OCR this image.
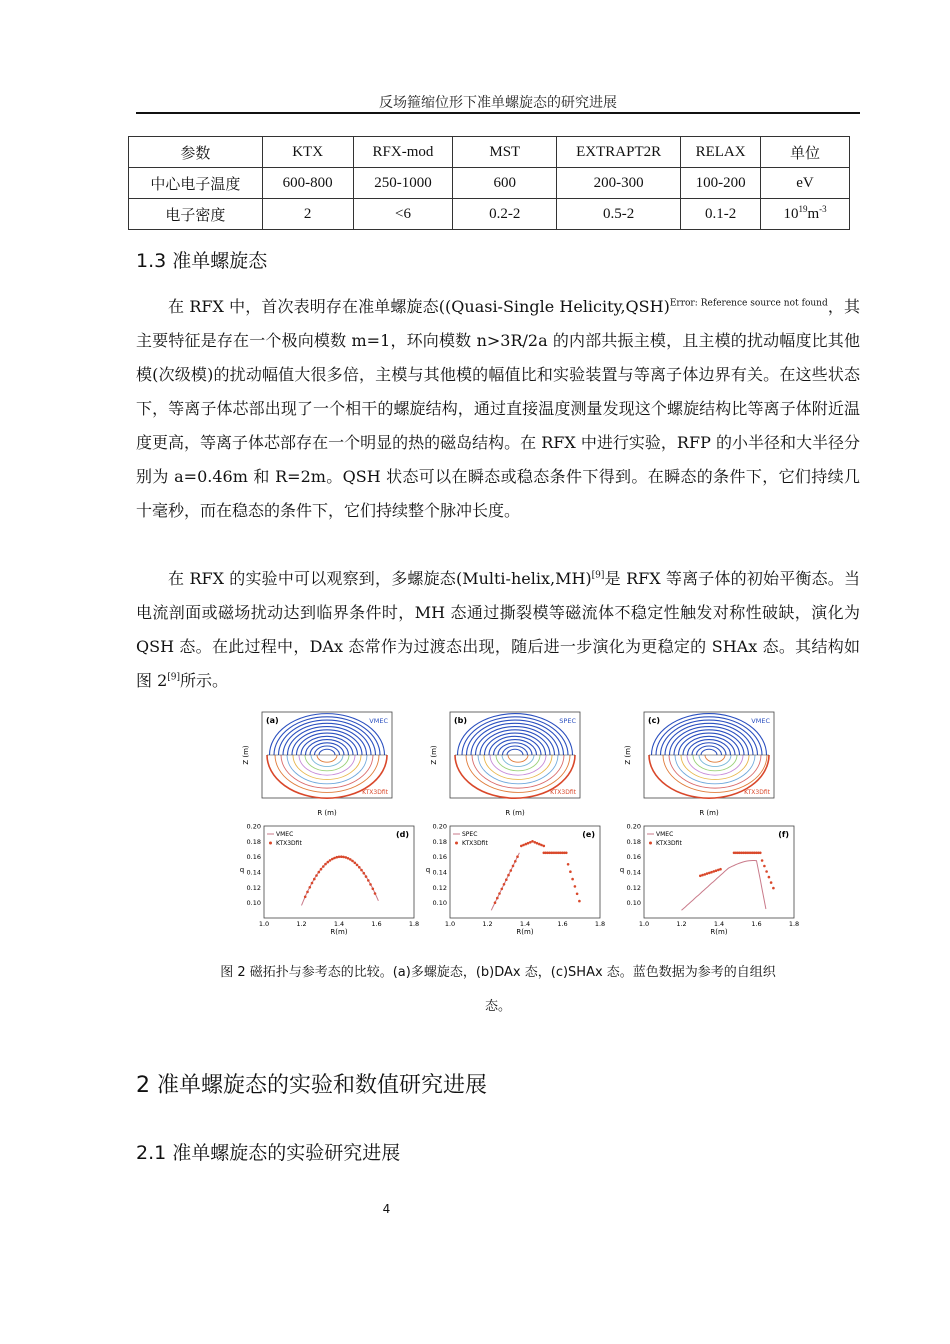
反场箍缩位形下准单螺旋态的研究进展
参数	KTX	RFX-mod	MST	EXTRAPT2R	RELAX	单位
中心电子温度	600-800	250-1000	600	200-300	100-200	eV
电子密度	2	<6	0.2-2	0.5-2	0.1-2	$10^{19}m^{-3}$
1.3 准单螺旋态
在 RFX 中，首次表明存在准单螺旋态((Quasi-Single Helicity,QSH)$^{Error: Reference source not found}$，其主要特征是存在一个极向模数 m=1，环向模数 n>3R/2a 的内部共振主模，且主模的扰动幅度比其他模(次级模)的扰动幅值大很多倍，主模与其他模的幅值比和实验装置与等离子体边界有关。在这些状态下，等离子体芯部出现了一个相干的螺旋结构，通过直接温度测量发现这个螺旋结构比等离子体附近温度更高，等离子体芯部存在一个明显的热的磁岛结构。在 RFX 中进行实验，RFP 的小半径和大半径分别为 a=0.46m 和 R=2m。QSH 状态可以在瞬态或稳态条件下得到。在瞬态的条件下，它们持续几十毫秒，而在稳态的条件下，它们持续整个脉冲长度。
在 RFX 的实验中可以观察到，多螺旋态(Multi-helix,MH)[9]是 RFX 等离子体的初始平衡态。当电流剖面或磁场扰动达到临界条件时，MH 态通过撕裂模等磁流体不稳定性触发对称性破缺，演化为 QSH 态。在此过程中，DAx 态常作为过渡态出现，随后进一步演化为更稳定的 SHAx 态。其结构如图 2[9]所示。
(a)	VMEC
KTX3Dfit
Z (m)
R (m)
(b)	SPEC
KTX3Dfit
Z (m)
R (m)
(c)	VMEC
KTX3Dfit
Z (m)
R (m)
0.10
0.12
0.14
0.16
0.18
0.20
1.0	1.2	1.4	1.6	1.8
q
R(m)
(d)
VMEC
KTX3Dfit
0.10
0.12
0.14
0.16
0.18
0.20
1.0	1.2	1.4	1.6	1.8
q
R(m)
(e)
SPEC
KTX3Dfit
0.10
0.12
0.14
0.16
0.18
0.20
1.0	1.2	1.4	1.6	1.8
q
R(m)
(f)
VMEC
KTX3Dfit
图 2 磁拓扑与参考态的比较。(a)多螺旋态，(b)DAx 态，(c)SHAx 态。蓝色数据为参考的自组织
态。
2 准单螺旋态的实验和数值研究进展
2.1 准单螺旋态的实验研究进展
4
